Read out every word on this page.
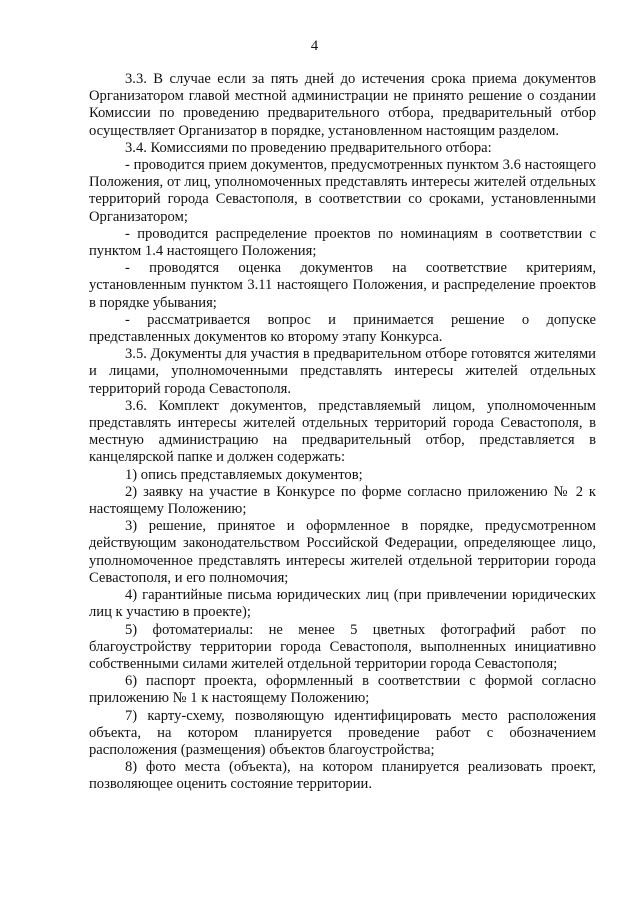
4

3.3. В случае если за пять дней до истечения срока приема документов Организатором главой местной администрации не принято решение о создании Комиссии по проведению предварительного отбора, предварительный отбор осуществляет Организатор в порядке, установленном настоящим разделом.

3.4. Комиссиями по проведению предварительного отбора:

- проводится прием документов, предусмотренных пунктом 3.6 настоящего Положения, от лиц, уполномоченных представлять интересы жителей отдельных территорий города Севастополя, в соответствии со сроками, установленными Организатором;

- проводится распределение проектов по номинациям в соответствии с пунктом 1.4 настоящего Положения;

- проводятся оценка документов на соответствие критериям, установленным пунктом 3.11 настоящего Положения, и распределение проектов в порядке убывания;

- рассматривается вопрос и принимается решение о допуске представленных документов ко второму этапу Конкурса.

3.5. Документы для участия в предварительном отборе готовятся жителями и лицами, уполномоченными представлять интересы жителей отдельных территорий города Севастополя.

3.6. Комплект документов, представляемый лицом, уполномоченным представлять интересы жителей отдельных территорий города Севастополя, в местную администрацию на предварительный отбор, представляется в канцелярской папке и должен содержать:

1) опись представляемых документов;

2) заявку на участие в Конкурсе по форме согласно приложению № 2 к настоящему Положению;

3) решение, принятое и оформленное в порядке, предусмотренном действующим законодательством Российской Федерации, определяющее лицо, уполномоченное представлять интересы жителей отдельной территории города Севастополя, и его полномочия;

4) гарантийные письма юридических лиц (при привлечении юридических лиц к участию в проекте);

5) фотоматериалы: не менее 5 цветных фотографий работ по благоустройству территории города Севастополя, выполненных инициативно собственными силами жителей отдельной территории города Севастополя;

6) паспорт проекта, оформленный в соответствии с формой согласно приложению № 1 к настоящему Положению;

7) карту-схему, позволяющую идентифицировать место расположения объекта, на котором планируется проведение работ с обозначением расположения (размещения) объектов благоустройства;

8) фото места (объекта), на котором планируется реализовать проект, позволяющее оценить состояние территории.
